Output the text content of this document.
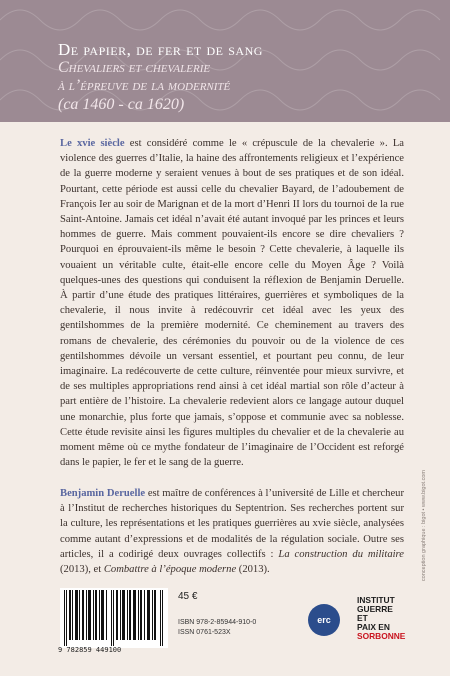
De papier, de fer et de sang
Chevaliers et chevalerie
à l’épreuve de la modernité
(ca 1460 - ca 1620)
Le xvie siècle est considéré comme le « crépuscule de la chevalerie ». La violence des guerres d’Italie, la haine des affrontements religieux et l’expérience de la guerre moderne y seraient venues à bout de ses pratiques et de son idéal. Pourtant, cette période est aussi celle du chevalier Bayard, de l’adoubement de François Ier au soir de Marignan et de la mort d’Henri II lors du tournoi de la rue Saint-Antoine. Jamais cet idéal n’avait été autant invoqué par les princes et leurs hommes de guerre. Mais comment pouvaient-ils encore se dire chevaliers ? Pourquoi en éprouvaient-ils même le besoin ? Cette chevalerie, à laquelle ils vouaient un véritable culte, était-elle encore celle du Moyen Âge ? Voilà quelques-unes des questions qui conduisent la réflexion de Benjamin Deruelle. À partir d’une étude des pratiques littéraires, guerrières et symboliques de la chevalerie, il nous invite à redécouvrir cet idéal avec les yeux des gentilshommes de la première modernité. Ce cheminement au travers des romans de chevalerie, des cérémonies du pouvoir ou de la violence de ces gentilshommes dévoile un versant essentiel, et pourtant peu connu, de leur imaginaire. La redécouverte de cette culture, réinventée pour mieux survivre, et de ses multiples appropriations rend ainsi à cet idéal martial son rôle d’acteur à part entière de l’histoire. La chevalerie redevient alors ce langage autour duquel une monarchie, plus forte que jamais, s’oppose et communie avec sa noblesse. Cette étude revisite ainsi les figures multiples du chevalier et de la chevalerie au moment même où ce mythe fondateur de l’imaginaire de l’Occident est reforgé dans le papier, le fer et le sang de la guerre.
Benjamin Deruelle est maître de conférences à l’université de Lille et chercheur à l’Institut de recherches historiques du Septentrion. Ses recherches portent sur la culture, les représentations et les pratiques guerrières au xvie siècle, analysées comme autant d’expressions et de modalités de la régulation sociale. Outre ses articles, il a codirigé deux ouvrages collectifs : La construction du militaire (2013), et Combattre à l’époque moderne (2013).
9 782859 449100
45 €
ISBN 978-2-85944-910-0
ISSN 0761-523X
erc
INSTITUT
GUERRE ET
PAIX EN
SORBONNE
conception graphique : bigot • www.bigot.com
